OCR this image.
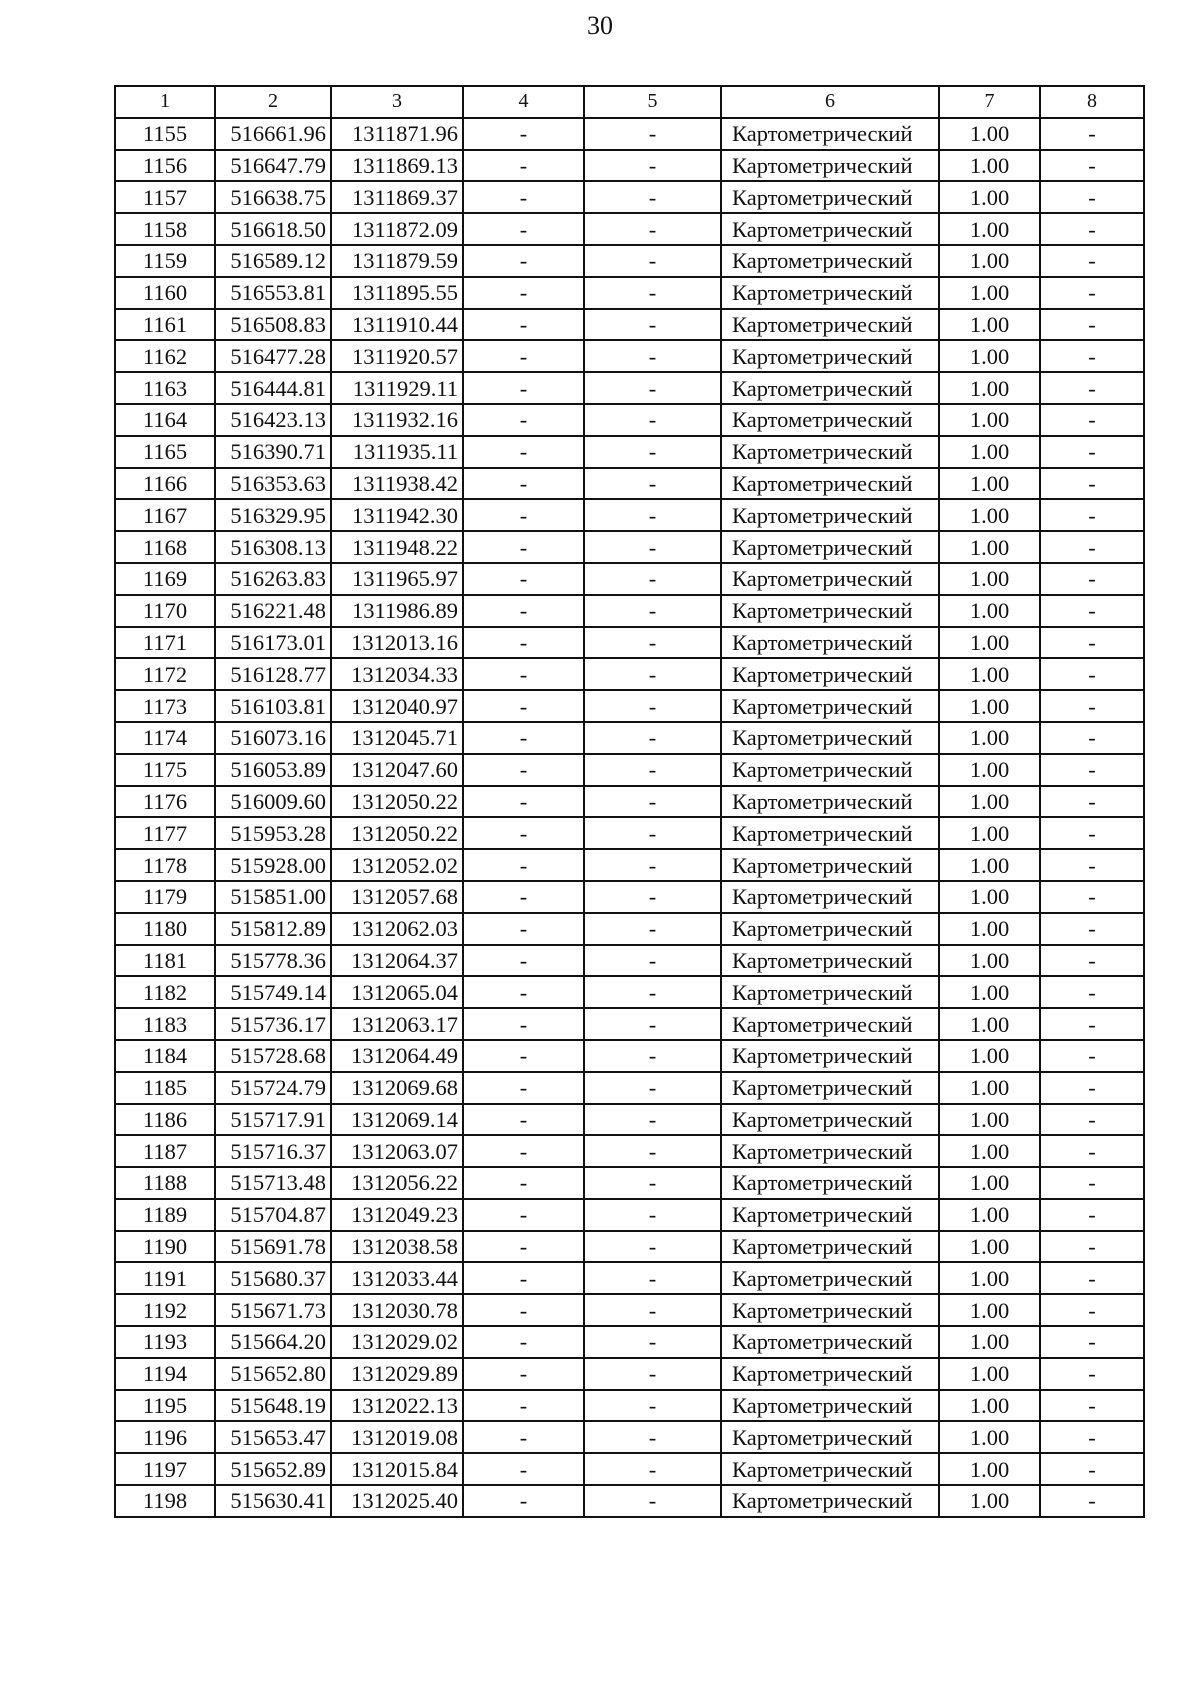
30
1	2	3	4	5	6	7	8
1155	516661.96	1311871.96	-	-	Картометрический	1.00	-
1156	516647.79	1311869.13	-	-	Картометрический	1.00	-
1157	516638.75	1311869.37	-	-	Картометрический	1.00	-
1158	516618.50	1311872.09	-	-	Картометрический	1.00	-
1159	516589.12	1311879.59	-	-	Картометрический	1.00	-
1160	516553.81	1311895.55	-	-	Картометрический	1.00	-
1161	516508.83	1311910.44	-	-	Картометрический	1.00	-
1162	516477.28	1311920.57	-	-	Картометрический	1.00	-
1163	516444.81	1311929.11	-	-	Картометрический	1.00	-
1164	516423.13	1311932.16	-	-	Картометрический	1.00	-
1165	516390.71	1311935.11	-	-	Картометрический	1.00	-
1166	516353.63	1311938.42	-	-	Картометрический	1.00	-
1167	516329.95	1311942.30	-	-	Картометрический	1.00	-
1168	516308.13	1311948.22	-	-	Картометрический	1.00	-
1169	516263.83	1311965.97	-	-	Картометрический	1.00	-
1170	516221.48	1311986.89	-	-	Картометрический	1.00	-
1171	516173.01	1312013.16	-	-	Картометрический	1.00	-
1172	516128.77	1312034.33	-	-	Картометрический	1.00	-
1173	516103.81	1312040.97	-	-	Картометрический	1.00	-
1174	516073.16	1312045.71	-	-	Картометрический	1.00	-
1175	516053.89	1312047.60	-	-	Картометрический	1.00	-
1176	516009.60	1312050.22	-	-	Картометрический	1.00	-
1177	515953.28	1312050.22	-	-	Картометрический	1.00	-
1178	515928.00	1312052.02	-	-	Картометрический	1.00	-
1179	515851.00	1312057.68	-	-	Картометрический	1.00	-
1180	515812.89	1312062.03	-	-	Картометрический	1.00	-
1181	515778.36	1312064.37	-	-	Картометрический	1.00	-
1182	515749.14	1312065.04	-	-	Картометрический	1.00	-
1183	515736.17	1312063.17	-	-	Картометрический	1.00	-
1184	515728.68	1312064.49	-	-	Картометрический	1.00	-
1185	515724.79	1312069.68	-	-	Картометрический	1.00	-
1186	515717.91	1312069.14	-	-	Картометрический	1.00	-
1187	515716.37	1312063.07	-	-	Картометрический	1.00	-
1188	515713.48	1312056.22	-	-	Картометрический	1.00	-
1189	515704.87	1312049.23	-	-	Картометрический	1.00	-
1190	515691.78	1312038.58	-	-	Картометрический	1.00	-
1191	515680.37	1312033.44	-	-	Картометрический	1.00	-
1192	515671.73	1312030.78	-	-	Картометрический	1.00	-
1193	515664.20	1312029.02	-	-	Картометрический	1.00	-
1194	515652.80	1312029.89	-	-	Картометрический	1.00	-
1195	515648.19	1312022.13	-	-	Картометрический	1.00	-
1196	515653.47	1312019.08	-	-	Картометрический	1.00	-
1197	515652.89	1312015.84	-	-	Картометрический	1.00	-
1198	515630.41	1312025.40	-	-	Картометрический	1.00	-
